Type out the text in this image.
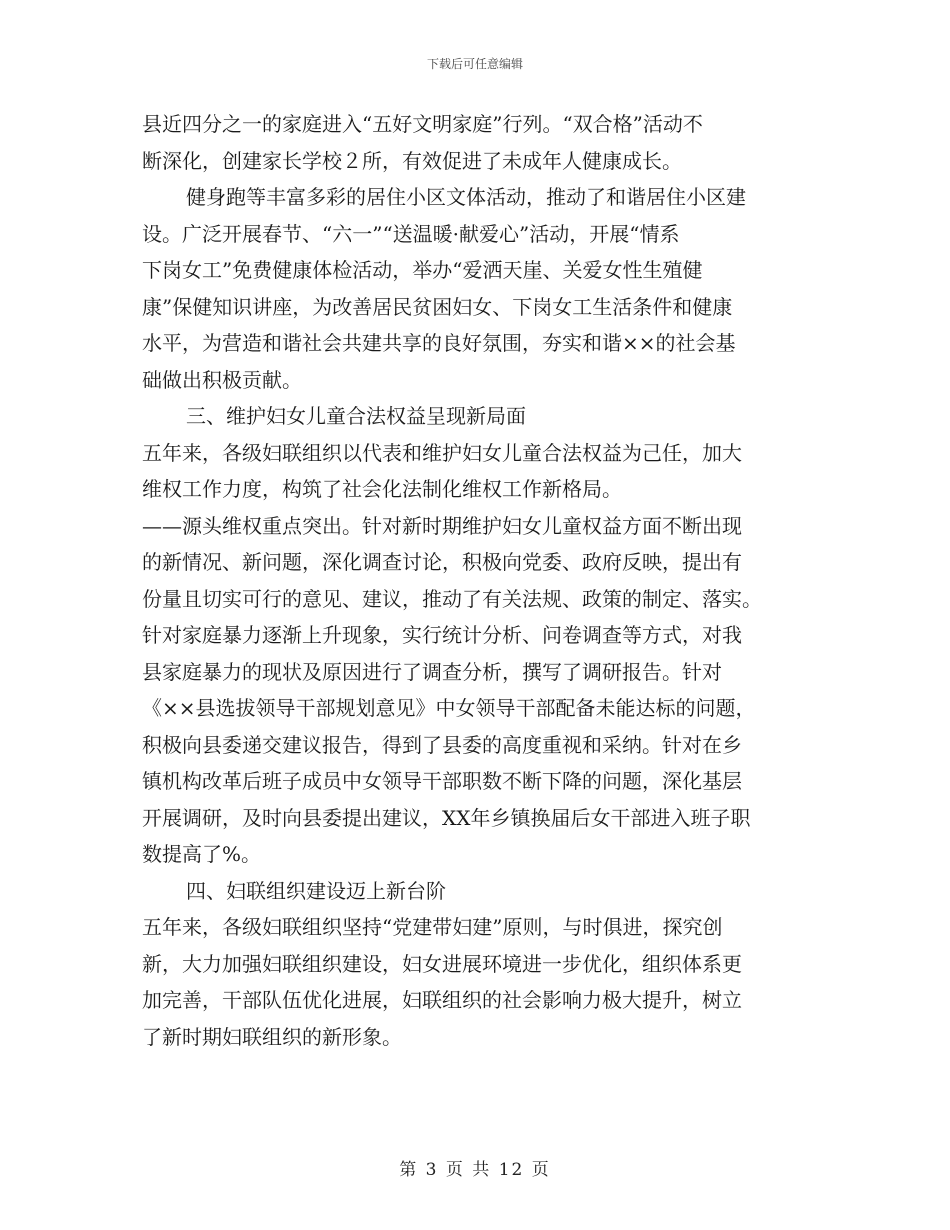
下载后可任意编辑
县近四分之一的家庭进入“五好文明家庭”行列。“双合格”活动不
断深化，创建家长学校２所，有效促进了未成年人健康成长。
健身跑等丰富多彩的居住小区文体活动，推动了和谐居住小区建
设。广泛开展春节、“六一”“送温暖·献爱心”活动，开展“情系
下岗女工”免费健康体检活动，举办“爱洒天崖、关爱女性生殖健
康”保健知识讲座，为改善居民贫困妇女、下岗女工生活条件和健康
水平，为营造和谐社会共建共享的良好氛围，夯实和谐××的社会基
础做出积极贡献。
三、维护妇女儿童合法权益呈现新局面
五年来，各级妇联组织以代表和维护妇女儿童合法权益为己任，加大
维权工作力度，构筑了社会化法制化维权工作新格局。
——源头维权重点突出。针对新时期维护妇女儿童权益方面不断出现
的新情况、新问题，深化调查讨论，积极向党委、政府反映，提出有
份量且切实可行的意见、建议，推动了有关法规、政策的制定、落实。
针对家庭暴力逐渐上升现象，实行统计分析、问卷调查等方式，对我
县家庭暴力的现状及原因进行了调查分析，撰写了调研报告。针对
《××县选拔领导干部规划意见》中女领导干部配备未能达标的问题，
积极向县委递交建议报告，得到了县委的高度重视和采纳。针对在乡
镇机构改革后班子成员中女领导干部职数不断下降的问题，深化基层
开展调研，及时向县委提出建议，XX年乡镇换届后女干部进入班子职
数提高了%。
四、妇联组织建设迈上新台阶
五年来，各级妇联组织坚持“党建带妇建”原则，与时俱进，探究创
新，大力加强妇联组织建设，妇女进展环境进一步优化，组织体系更
加完善，干部队伍优化进展，妇联组织的社会影响力极大提升，树立
了新时期妇联组织的新形象。
第 3 页 共 12 页
